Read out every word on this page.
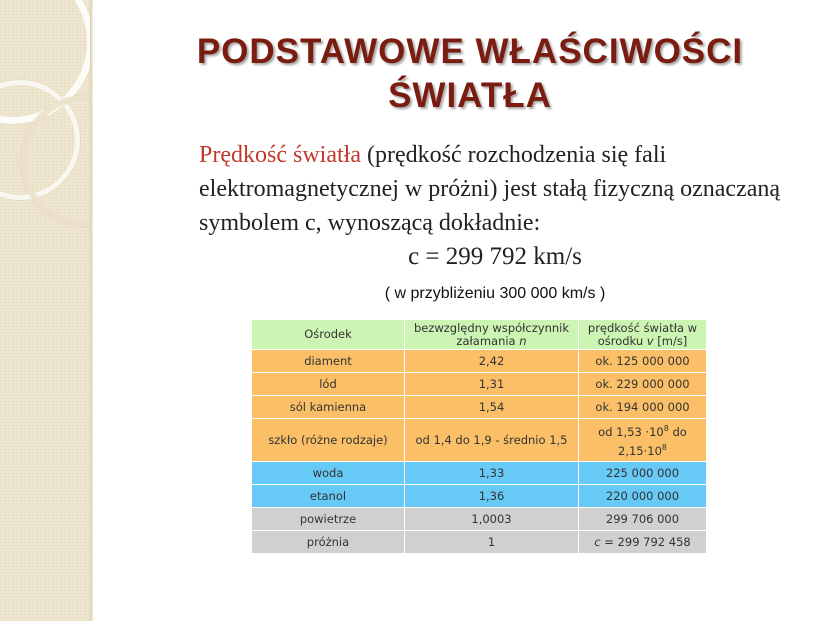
PODSTAWOWE WŁAŚCIWOŚCI
ŚWIATŁA
Prędkość światła (prędkość rozchodzenia się fali elektromagnetycznej w próżni) jest stałą fizyczną oznaczaną symbolem c, wynoszącą dokładnie:
c = 299 792 km/s
( w przybliżeniu 300 000 km/s )
Ośrodek	bezwzględny współczynnik załamania n	prędkość światła w ośrodku v [m/s]
diament	2,42	ok. 125 000 000
lód	1,31	ok. 229 000 000
sól kamienna	1,54	ok. 194 000 000
szkło (różne rodzaje)	od 1,4 do 1,9 - średnio 1,5	od $1,53 \cdot 10^8$ do $2,15\cdot 10^8$
woda	1,33	225 000 000
etanol	1,36	220 000 000
powietrze	1,0003	299 706 000
próżnia	1	c = 299 792 458
